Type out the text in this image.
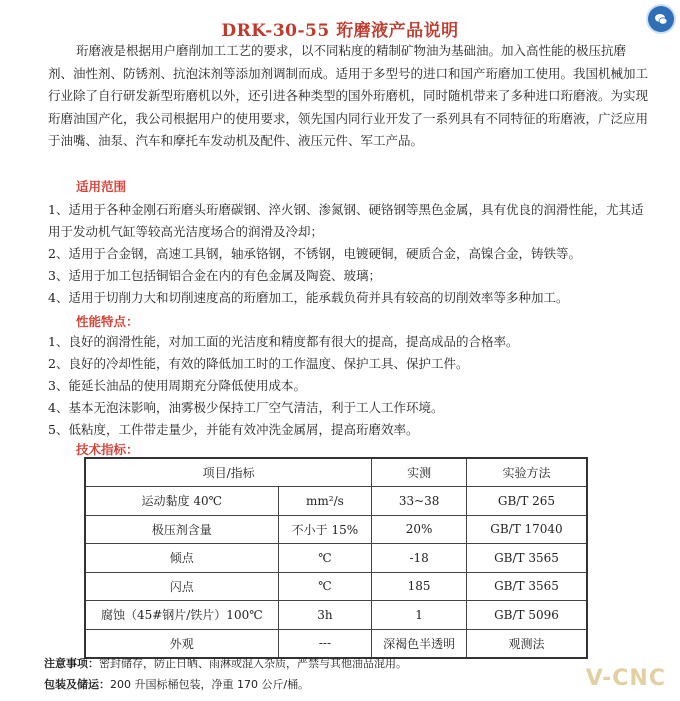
DRK-30-55 珩磨液产品说明
珩磨液是根据用户磨削加工工艺的要求，以不同粘度的精制矿物油为基础油。加入高性能的极压抗磨剂、油性剂、防锈剂、抗泡沫剂等添加剂调制而成。适用于多型号的进口和国产珩磨加工使用。我国机械加工行业除了自行研发新型珩磨机以外，还引进各种类型的国外珩磨机，同时随机带来了多种进口珩磨液。为实现珩磨油国产化，我公司根据用户的使用要求，领先国内同行业开发了一系列具有不同特征的珩磨液，广泛应用于油嘴、油泵、汽车和摩托车发动机及配件、液压元件、军工产品。
适用范围
1、适用于各种金刚石珩磨头珩磨碳钢、淬火钢、渗氮钢、硬铬钢等黑色金属，具有优良的润滑性能，尤其适用于发动机气缸等较高光洁度场合的润滑及冷却；
2、适用于合金钢，高速工具钢，轴承铬钢，不锈钢，电镀硬铜，硬质合金，高镍合金，铸铁等。
3、适用于加工包括铜铝合金在内的有色金属及陶瓷、玻璃；
4、适用于切削力大和切削速度高的珩磨加工，能承载负荷并具有较高的切削效率等多种加工。
性能特点：
1、良好的润滑性能，对加工面的光洁度和精度都有很大的提高，提高成品的合格率。
2、良好的冷却性能，有效的降低加工时的工作温度、保护工具、保护工件。
3、能延长油品的使用周期充分降低使用成本。
4、基本无泡沫影响，油雾极少保持工厂空气清洁，利于工人工作环境。
5、低粘度，工件带走量少，并能有效冲洗金属屑，提高珩磨效率。
技术指标：
项目/指标		实测	实验方法
运动黏度 40℃	mm²/s	33~38	GB/T 265
极压剂含量	不小于 15%	20%	GB/T 17040
倾点	℃	-18	GB/T 3565
闪点	℃	185	GB/T 3565
腐蚀（45#钢片/铁片）100℃	3h	1	GB/T 5096
外观	---	深褐色半透明	观测法
注意事项：密封储存，防止日晒、雨淋或混入杂质，严禁与其他油品混用。
包装及储运：200 升国标桶包装，净重 170 公斤/桶。	V-CNC
